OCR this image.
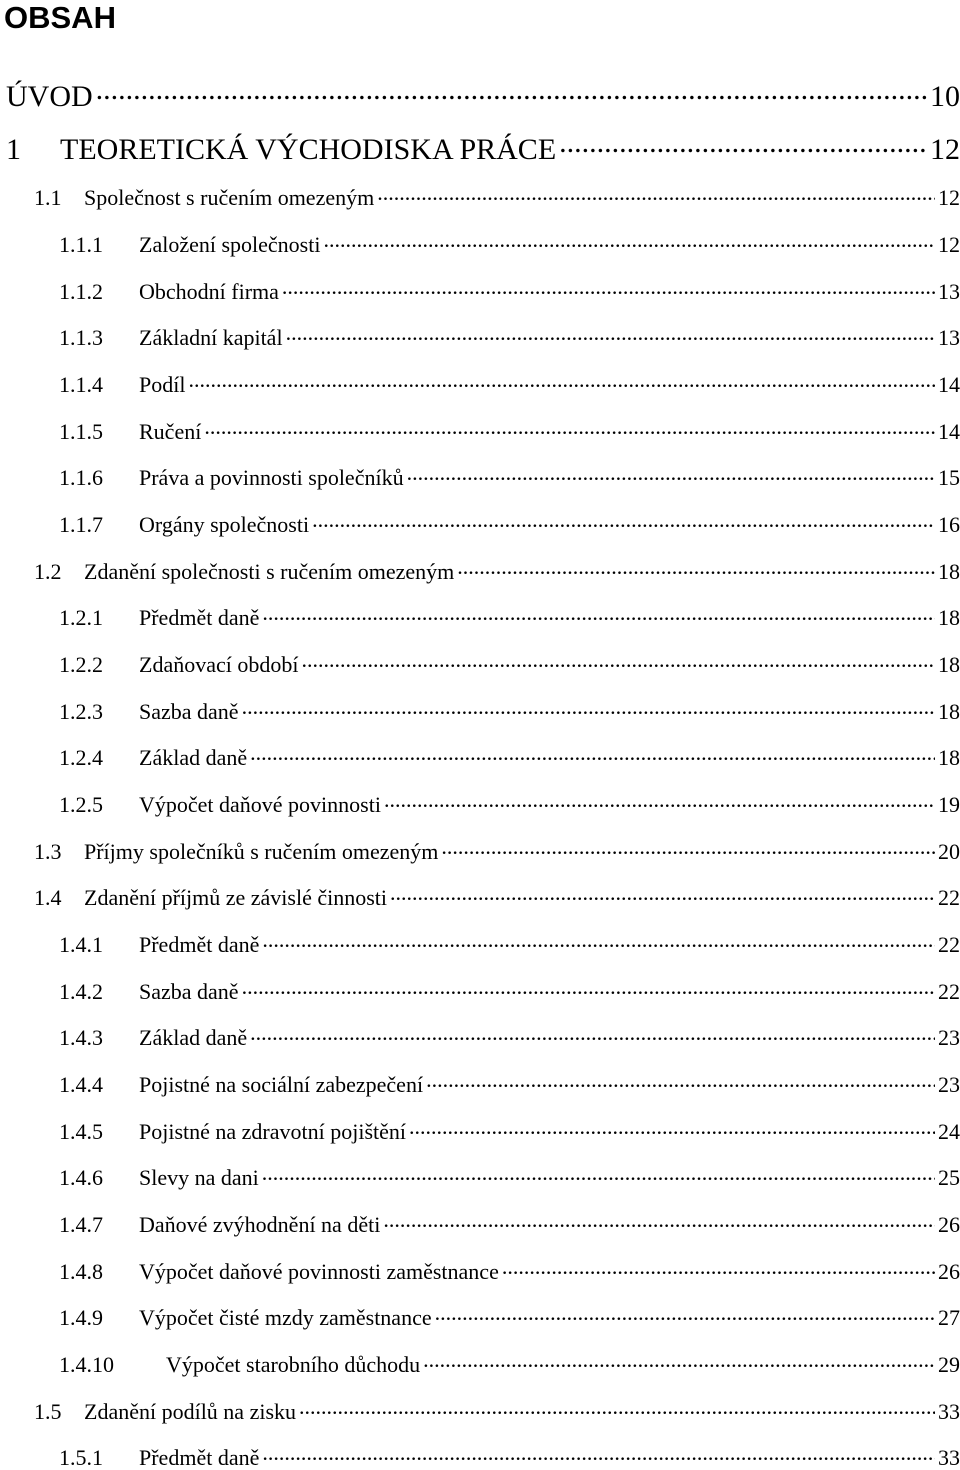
OBSAH
ÚVOD .....	10
1	TEORETICKÁ VÝCHODISKA PRÁCE .....	12
1.1	Společnost s ručením omezeným .....	12
1.1.1	Založení společnosti .....	12
1.1.2	Obchodní firma .....	13
1.1.3	Základní kapitál .....	13
1.1.4	Podíl .....	14
1.1.5	Ručení .....	14
1.1.6	Práva a povinnosti společníků .....	15
1.1.7	Orgány společnosti .....	16
1.2	Zdanění společnosti s ručením omezeným .....	18
1.2.1	Předmět daně .....	18
1.2.2	Zdaňovací období .....	18
1.2.3	Sazba daně .....	18
1.2.4	Základ daně .....	18
1.2.5	Výpočet daňové povinnosti .....	19
1.3	Příjmy společníků s ručením omezeným .....	20
1.4	Zdanění příjmů ze závislé činnosti .....	22
1.4.1	Předmět daně .....	22
1.4.2	Sazba daně .....	22
1.4.3	Základ daně .....	23
1.4.4	Pojistné na sociální zabezpečení .....	23
1.4.5	Pojistné na zdravotní pojištění .....	24
1.4.6	Slevy na dani .....	25
1.4.7	Daňové zvýhodnění na děti .....	26
1.4.8	Výpočet daňové povinnosti zaměstnance .....	26
1.4.9	Výpočet čisté mzdy zaměstnance .....	27
1.4.10	Výpočet starobního důchodu .....	29
1.5	Zdanění podílů na zisku .....	33
1.5.1	Předmět daně .....	33
